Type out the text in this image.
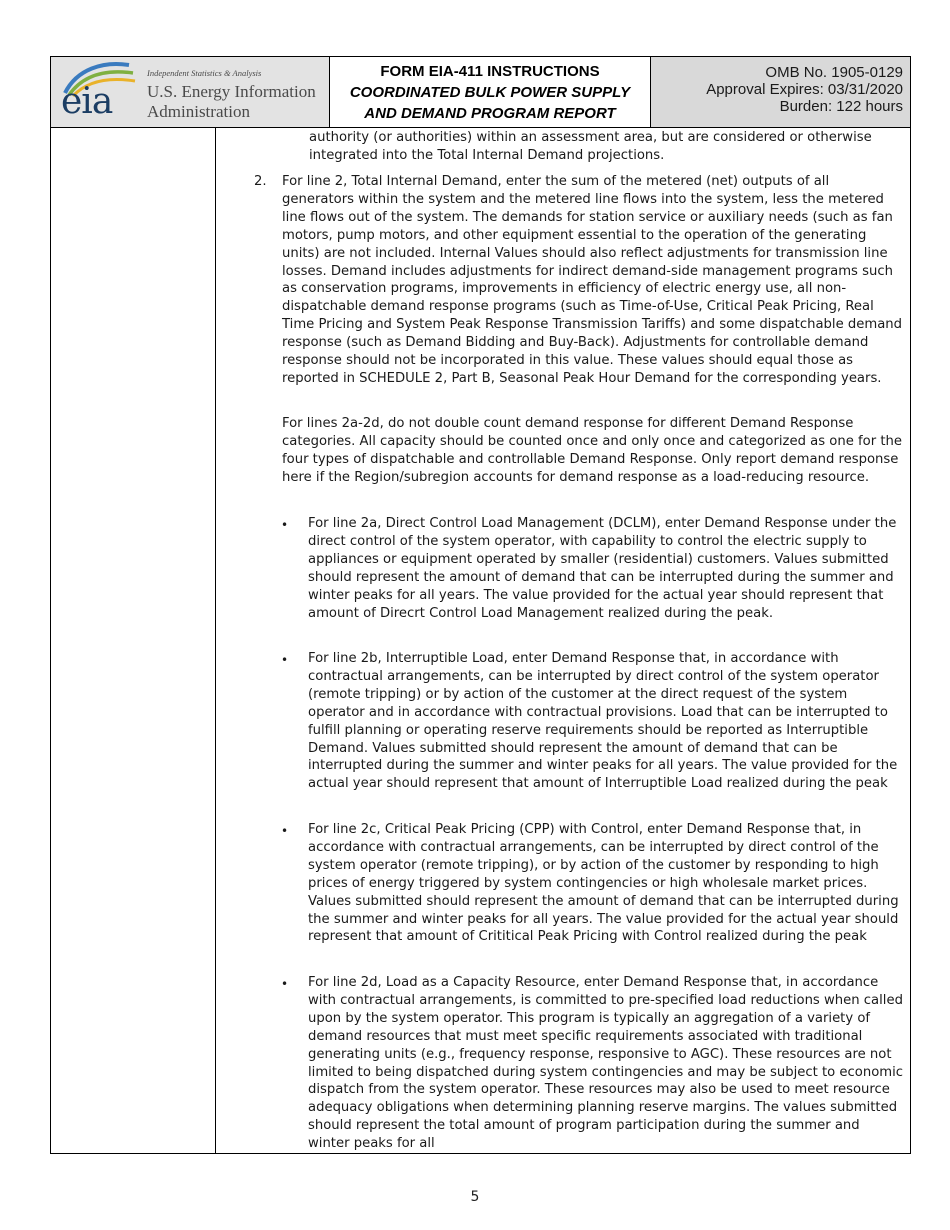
eia
Independent Statistics & Analysis
U.S. Energy Information
Administration
FORM EIA-411 INSTRUCTIONS
COORDINATED BULK POWER SUPPLY
AND DEMAND PROGRAM REPORT
OMB No. 1905-0129
Approval Expires: 03/31/2020
Burden: 122 hours

authority (or authorities) within an assessment area, but are considered or otherwise integrated into the Total Internal Demand projections.

2. For line 2, Total Internal Demand, enter the sum of the metered (net) outputs of all generators within the system and the metered line flows into the system, less the metered line flows out of the system. The demands for station service or auxiliary needs (such as fan motors, pump motors, and other equipment essential to the operation of the generating units) are not included. Internal Values should also reflect adjustments for transmission line losses. Demand includes adjustments for indirect demand-side management programs such as conservation programs, improvements in efficiency of electric energy use, all non-dispatchable demand response programs (such as Time-of-Use, Critical Peak Pricing, Real Time Pricing and System Peak Response Transmission Tariffs) and some dispatchable demand response (such as Demand Bidding and Buy-Back). Adjustments for controllable demand response should not be incorporated in this value. These values should equal those as reported in SCHEDULE 2, Part B, Seasonal Peak Hour Demand for the corresponding years.

For lines 2a-2d, do not double count demand response for different Demand Response categories. All capacity should be counted once and only once and categorized as one for the four types of dispatchable and controllable Demand Response. Only report demand response here if the Region/subregion accounts for demand response as a load-reducing resource.

• For line 2a, Direct Control Load Management (DCLM), enter Demand Response under the direct control of the system operator, with capability to control the electric supply to appliances or equipment operated by smaller (residential) customers. Values submitted should represent the amount of demand that can be interrupted during the summer and winter peaks for all years. The value provided for the actual year should represent that amount of Direcrt Control Load Management realized during the peak.

• For line 2b, Interruptible Load, enter Demand Response that, in accordance with contractual arrangements, can be interrupted by direct control of the system operator (remote tripping) or by action of the customer at the direct request of the system operator and in accordance with contractual provisions. Load that can be interrupted to fulfill planning or operating reserve requirements should be reported as Interruptible Demand. Values submitted should represent the amount of demand that can be interrupted during the summer and winter peaks for all years. The value provided for the actual year should represent that amount of Interruptible Load realized during the peak

• For line 2c, Critical Peak Pricing (CPP) with Control, enter Demand Response that, in accordance with contractual arrangements, can be interrupted by direct control of the system operator (remote tripping), or by action of the customer by responding to high prices of energy triggered by system contingencies or high wholesale market prices. Values submitted should represent the amount of demand that can be interrupted during the summer and winter peaks for all years. The value provided for the actual year should represent that amount of Crititical Peak Pricing with Control realized during the peak

• For line 2d, Load as a Capacity Resource, enter Demand Response that, in accordance with contractual arrangements, is committed to pre-specified load reductions when called upon by the system operator. This program is typically an aggregation of a variety of demand resources that must meet specific requirements associated with traditional generating units (e.g., frequency response, responsive to AGC). These resources are not limited to being dispatched during system contingencies and may be subject to economic dispatch from the system operator. These resources may also be used to meet resource adequacy obligations when determining planning reserve margins. The values submitted should represent the total amount of program participation during the summer and winter peaks for all

5
